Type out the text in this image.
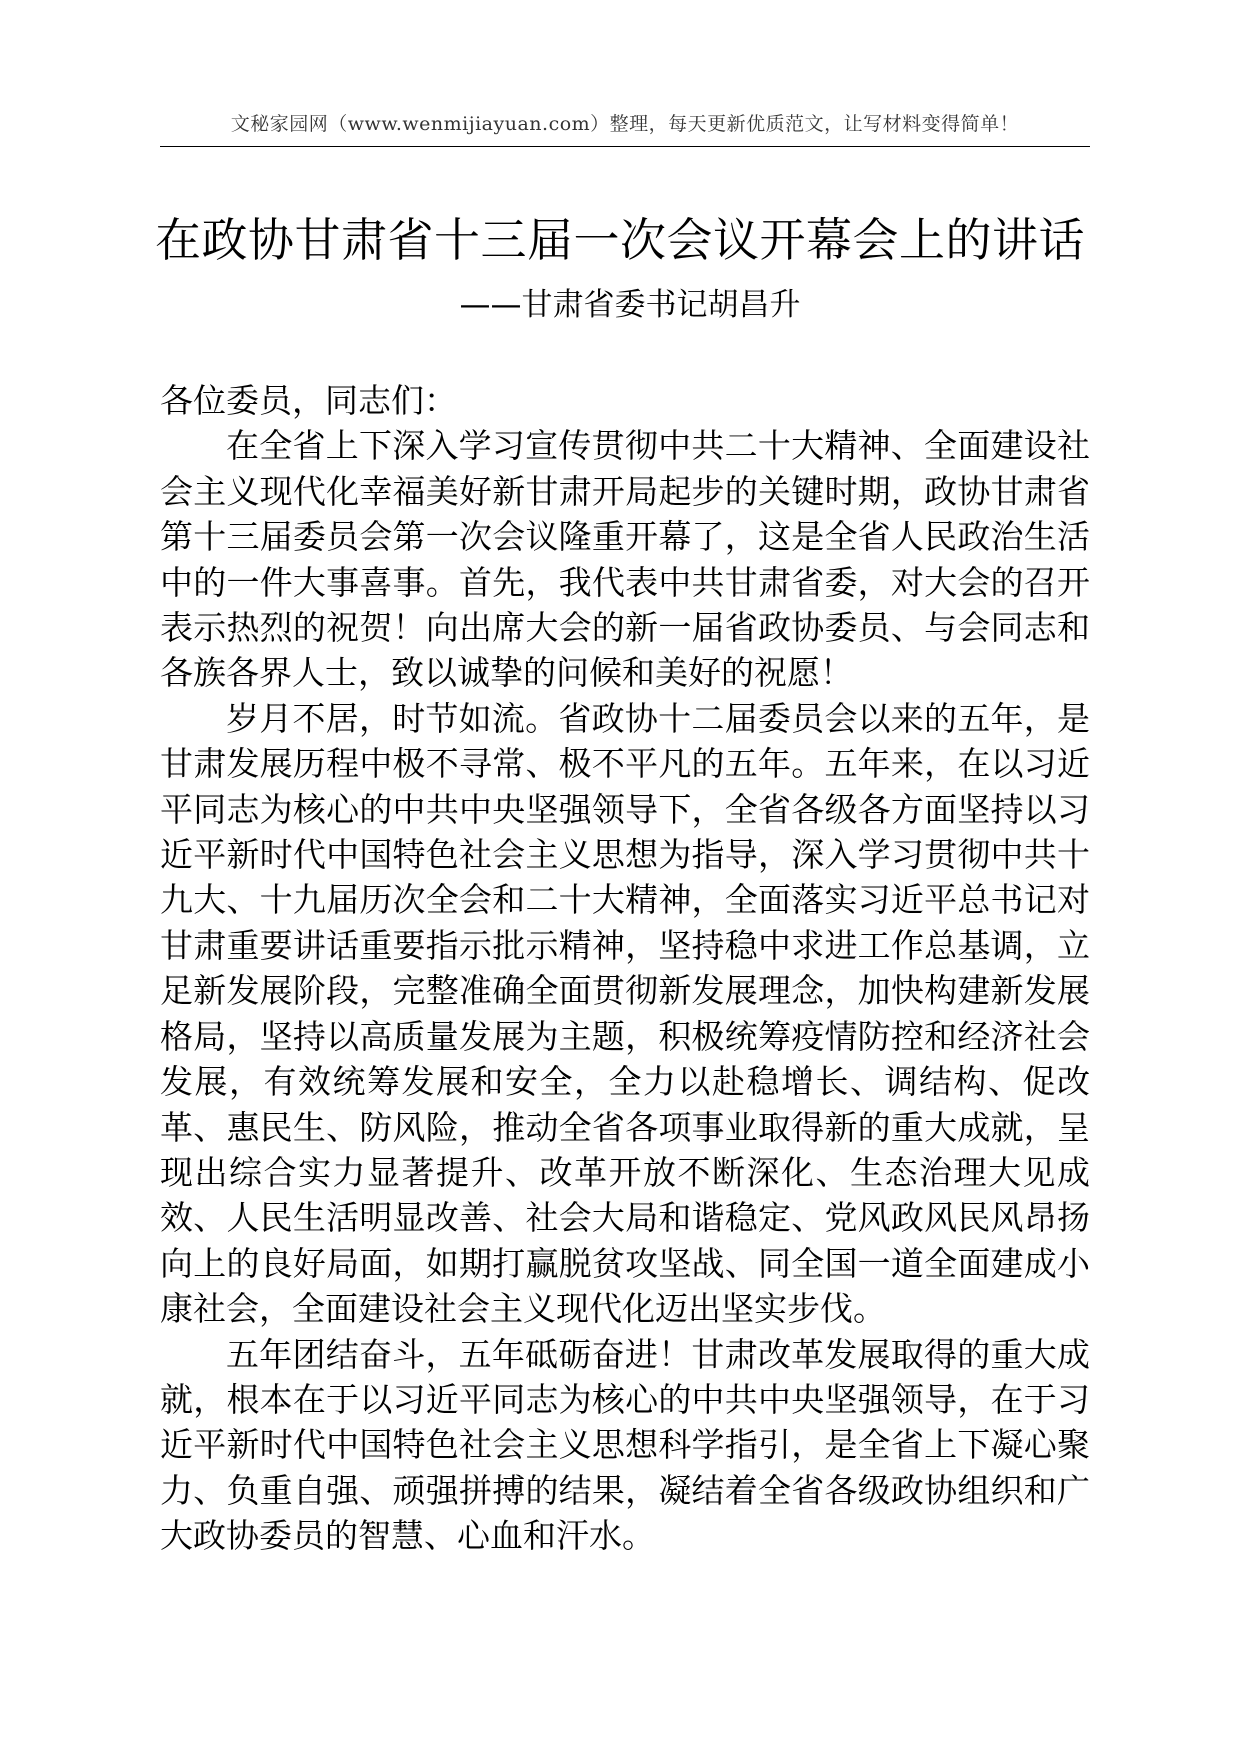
文秘家园网（www.wenmijiayuan.com）整理，每天更新优质范文，让写材料变得简单！
在政协甘肃省十三届一次会议开幕会上的讲话
——甘肃省委书记胡昌升

各位委员，同志们：

在全省上下深入学习宣传贯彻中共二十大精神、全面建设社会主义现代化幸福美好新甘肃开局起步的关键时期，政协甘肃省第十三届委员会第一次会议隆重开幕了，这是全省人民政治生活中的一件大事喜事。首先，我代表中共甘肃省委，对大会的召开表示热烈的祝贺！向出席大会的新一届省政协委员、与会同志和各族各界人士，致以诚挚的问候和美好的祝愿！

岁月不居，时节如流。省政协十二届委员会以来的五年，是甘肃发展历程中极不寻常、极不平凡的五年。五年来，在以习近平同志为核心的中共中央坚强领导下，全省各级各方面坚持以习近平新时代中国特色社会主义思想为指导，深入学习贯彻中共十九大、十九届历次全会和二十大精神，全面落实习近平总书记对甘肃重要讲话重要指示批示精神，坚持稳中求进工作总基调，立足新发展阶段，完整准确全面贯彻新发展理念，加快构建新发展格局，坚持以高质量发展为主题，积极统筹疫情防控和经济社会发展，有效统筹发展和安全，全力以赴稳增长、调结构、促改革、惠民生、防风险，推动全省各项事业取得新的重大成就，呈现出综合实力显著提升、改革开放不断深化、生态治理大见成效、人民生活明显改善、社会大局和谐稳定、党风政风民风昂扬向上的良好局面，如期打赢脱贫攻坚战、同全国一道全面建成小康社会，全面建设社会主义现代化迈出坚实步伐。

五年团结奋斗，五年砥砺奋进！甘肃改革发展取得的重大成就，根本在于以习近平同志为核心的中共中央坚强领导，在于习近平新时代中国特色社会主义思想科学指引，是全省上下凝心聚力、负重自强、顽强拼搏的结果，凝结着全省各级政协组织和广大政协委员的智慧、心血和汗水。
